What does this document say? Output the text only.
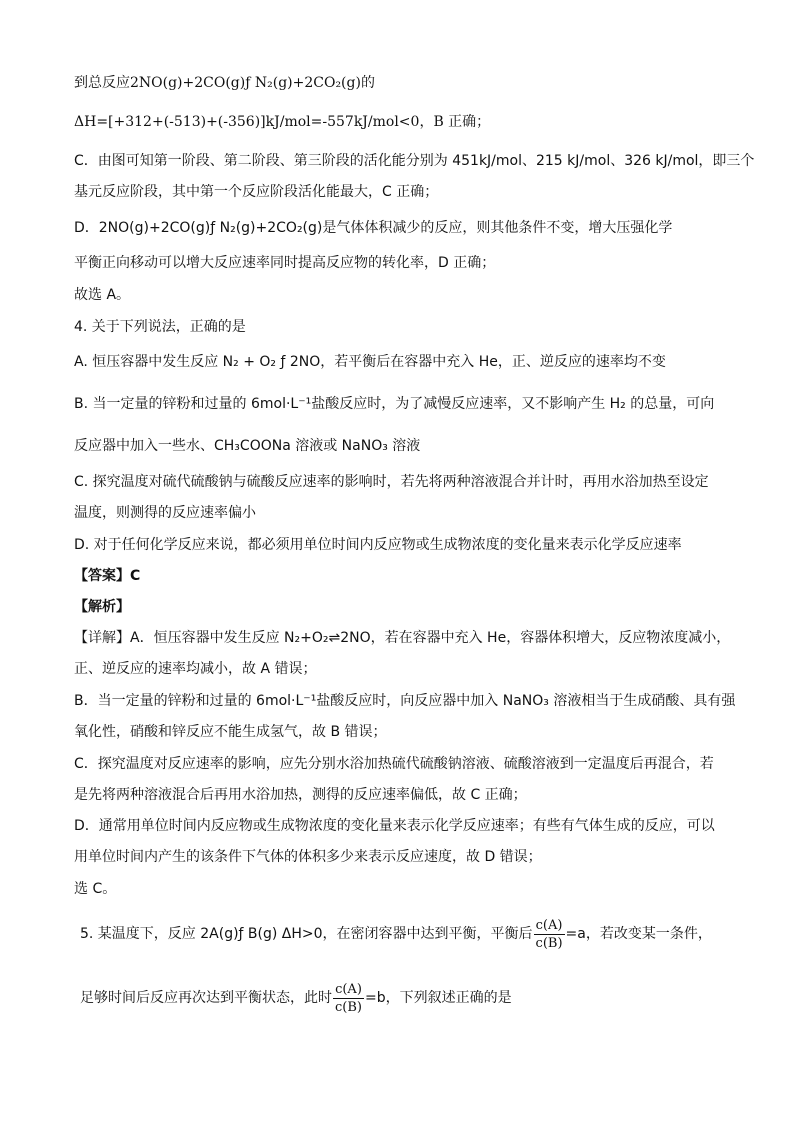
到总反应2NO(g)+2CO(g)ƒ N₂(g)+2CO₂(g)的
ΔH=[+312+(-513)+(-356)]kJ/mol=-557kJ/mol<0，B 正确；
C．由图可知第一阶段、第二阶段、第三阶段的活化能分别为 451kJ/mol、215 kJ/mol、326 kJ/mol，即三个
基元反应阶段，其中第一个反应阶段活化能最大，C 正确；
D．2NO(g)+2CO(g)ƒ N₂(g)+2CO₂(g)是气体体积减少的反应，则其他条件不变，增大压强化学
平衡正向移动可以增大反应速率同时提高反应物的转化率，D 正确；
故选 A。
4. 关于下列说法，正确的是
A. 恒压容器中发生反应 N₂ + O₂ ƒ 2NO，若平衡后在容器中充入 He，正、逆反应的速率均不变
B. 当一定量的锌粉和过量的 6mol·L⁻¹盐酸反应时，为了减慢反应速率，又不影响产生 H₂ 的总量，可向
反应器中加入一些水、CH₃COONa 溶液或 NaNO₃ 溶液
C. 探究温度对硫代硫酸钠与硫酸反应速率的影响时，若先将两种溶液混合并计时，再用水浴加热至设定
温度，则测得的反应速率偏小
D. 对于任何化学反应来说，都必须用单位时间内反应物或生成物浓度的变化量来表示化学反应速率
【答案】C
【解析】
【详解】A．恒压容器中发生反应 N₂+O₂⇌2NO，若在容器中充入 He，容器体积增大，反应物浓度减小，
正、逆反应的速率均减小，故 A 错误；
B．当一定量的锌粉和过量的 6mol·L⁻¹盐酸反应时，向反应器中加入 NaNO₃ 溶液相当于生成硝酸、具有强
氧化性，硝酸和锌反应不能生成氢气，故 B 错误；
C．探究温度对反应速率的影响，应先分别水浴加热硫代硫酸钠溶液、硫酸溶液到一定温度后再混合，若
是先将两种溶液混合后再用水浴加热，测得的反应速率偏低，故 C 正确；
D．通常用单位时间内反应物或生成物浓度的变化量来表示化学反应速率；有些有气体生成的反应，可以
用单位时间内产生的该条件下气体的体积多少来表示反应速度，故 D 错误；
选 C。
5. 某温度下，反应 2A(g)ƒ B(g) ΔH>0，在密闭容器中达到平衡，平衡后 $\frac{c(A)}{c(B)} =a$，若改变某一条件，
足够时间后反应再次达到平衡状态，此时 $\frac{c(A)}{c(B)} =b$，下列叙述正确的是
